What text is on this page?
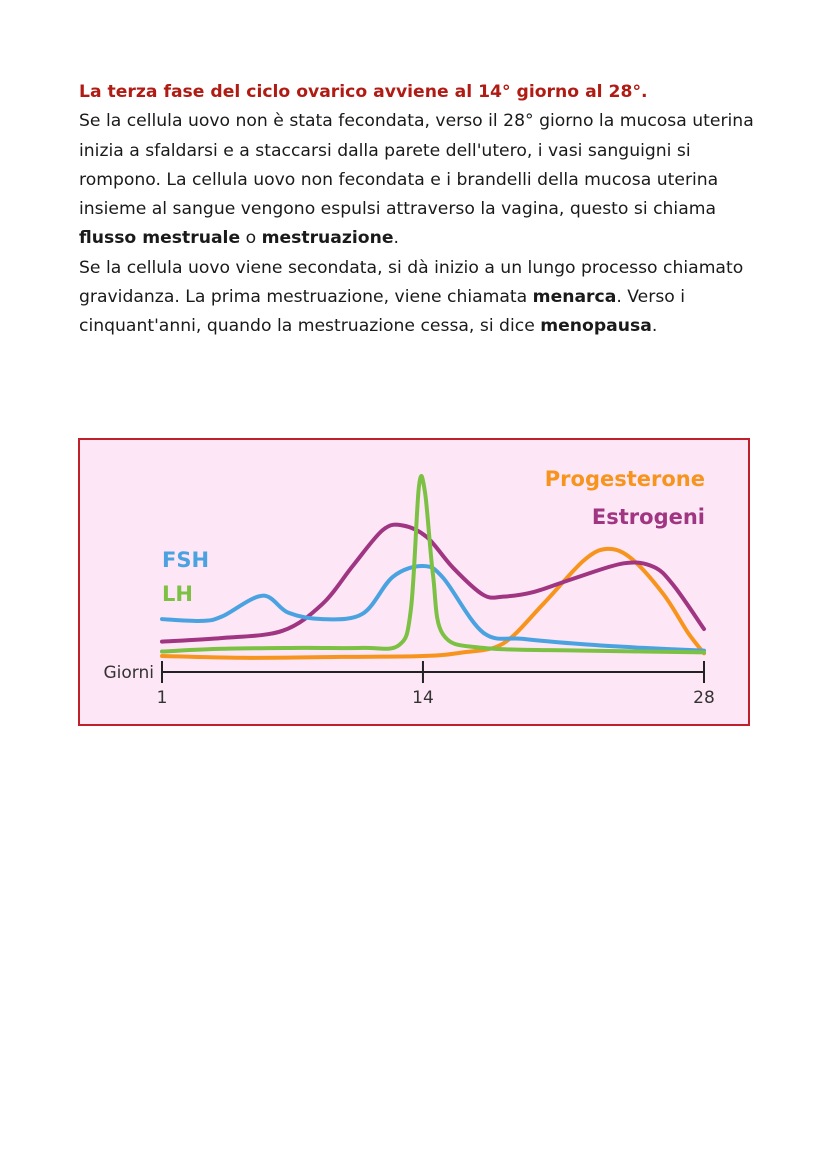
La terza fase del ciclo ovarico avviene al 14° giorno al 28°.

Se la cellula uovo non è stata fecondata, verso il 28° giorno la mucosa uterina inizia a sfaldarsi e a staccarsi dalla parete dell'utero, i vasi sanguigni si rompono. La cellula uovo non fecondata e i brandelli della mucosa uterina insieme al sangue vengono espulsi attraverso la vagina, questo si chiama flusso mestruale o mestruazione.

Se la cellula uovo viene secondata, si dà inizio a un lungo processo chiamato gravidanza. La prima mestruazione, viene chiamata menarca. Verso i cinquant'anni, quando la mestruazione cessa, si dice menopausa.

Giorni
1	14	28
Progesterone
Estrogeni
FSH
LH
